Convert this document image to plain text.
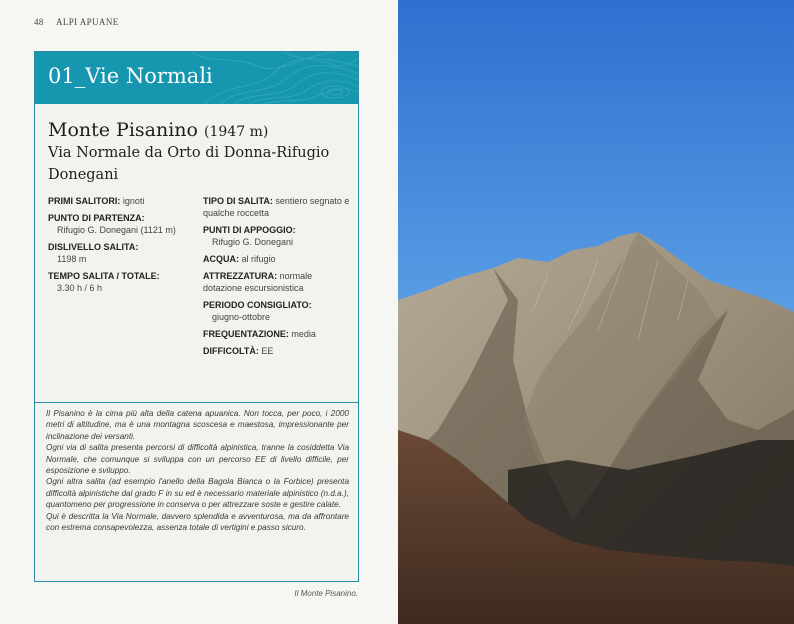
48 ALPI APUANE
01_Vie Normali
Monte Pisanino (1947 m)
Via Normale da Orto di Donna-Rifugio Donegani
PRIMI SALITORI: ignoti
PUNTO DI PARTENZA:
Rifugio G. Donegani (1121 m)
DISLIVELLO SALITA:
1198 m
TEMPO SALITA / TOTALE:
3.30 h / 6 h
TIPO DI SALITA: sentiero segnato e qualche roccetta
PUNTI DI APPOGGIO:
Rifugio G. Donegani
ACQUA: al rifugio
ATTREZZATURA: normale dotazione escursionistica
PERIODO CONSIGLIATO:
giugno-ottobre
FREQUENTAZIONE: media
DIFFICOLTÀ: EE

Il Pisanino è la cima più alta della catena apuanica. Non tocca, per poco, i 2000 metri di altitudine, ma è una montagna scoscesa e maestosa, impressionante per inclinazione dei versanti.

Ogni via di salita presenta percorsi di difficoltà alpinistica, tranne la cosiddetta Via Normale, che comunque si sviluppa con un percorso EE di livello difficile, per esposizione e sviluppo.

Ogni altra salita (ad esempio l'anello della Bagola Bianca o la Forbice) presenta difficoltà alpinistiche dal grado F in su ed è necessario materiale alpinistico (n.d.a.), quantomeno per progressione in conserva o per attrezzare soste e gestire calate.

Qui è descritta la Via Normale, davvero splendida e avventurosa, ma da affrontare con estrema consapevolezza, assenza totale di vertigini e passo sicuro.

Il Monte Pisanino.
